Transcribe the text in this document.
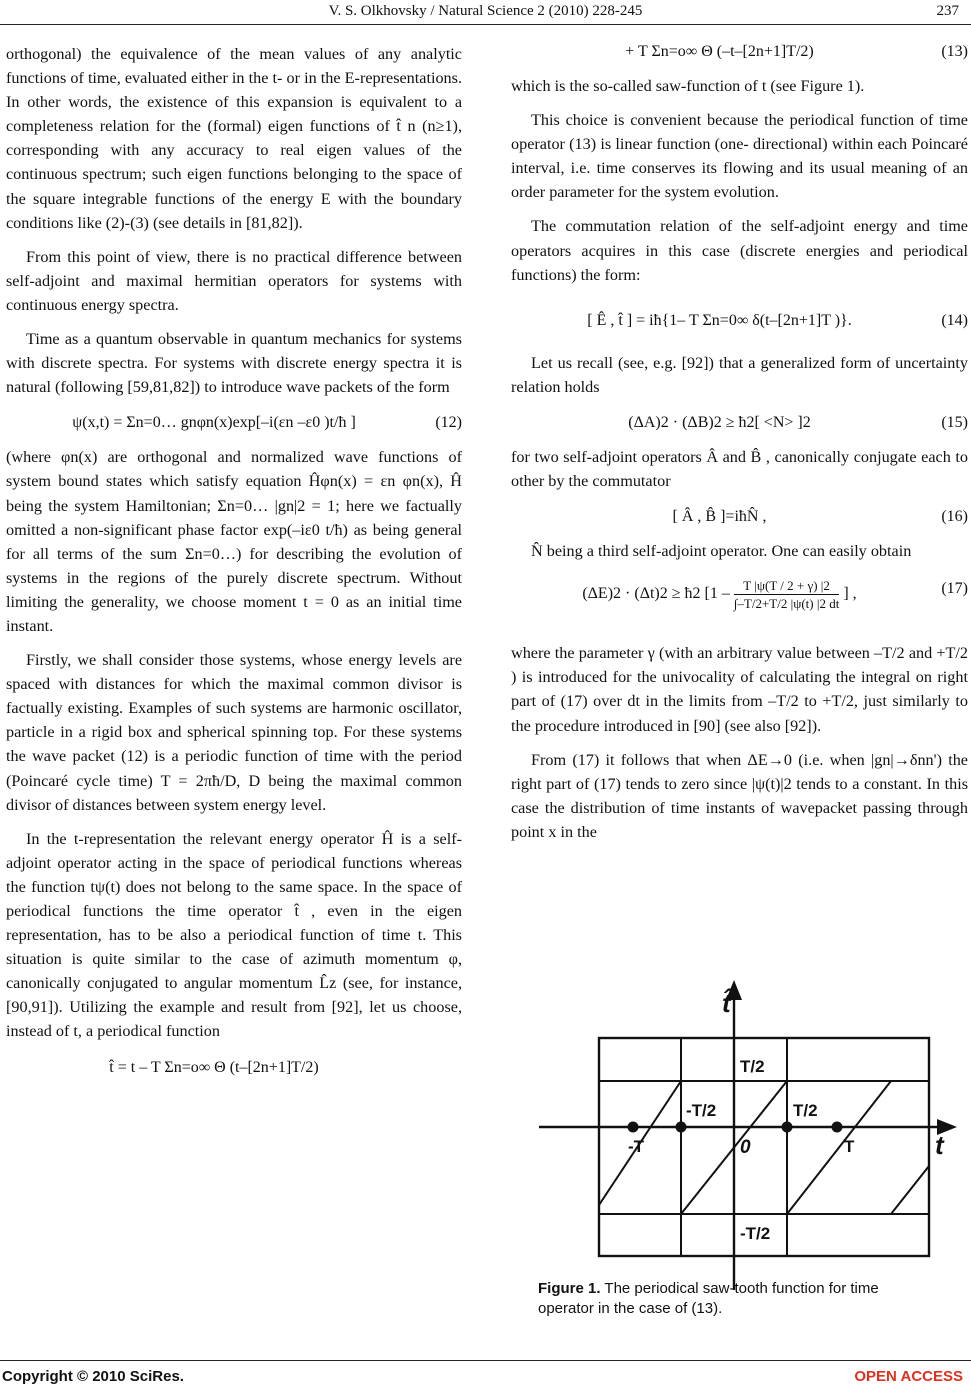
V. S. Olkhovsky / Natural Science 2 (2010) 228-245	237

orthogonal) the equivalence of the mean values of any analytic functions of time, evaluated either in the t- or in the E-representations. In other words, the existence of this expansion is equivalent to a completeness relation for the (formal) eigen functions of t̂ n (n≥1), corresponding with any accuracy to real eigen values of the continuous spectrum; such eigen functions belonging to the space of the square integrable functions of the energy E with the boundary conditions like (2)-(3) (see details in [81,82]).

From this point of view, there is no practical difference between self-adjoint and maximal hermitian operators for systems with continuous energy spectra.

Time as a quantum observable in quantum mechanics for systems with discrete spectra. For systems with discrete energy spectra it is natural (following [59,81,82]) to introduce wave packets of the form

ψ(x,t) = Σn=0… gnφn(x)exp[–i(εn –ε0 )t/ħ ]	(12)

(where φn(x) are orthogonal and normalized wave functions of system bound states which satisfy equation Ĥφn(x) = εn φn(x), Ĥ being the system Hamiltonian; Σn=0… |gn|2 = 1; here we factually omitted a non-significant phase factor exp(–iε0 t/ħ) as being general for all terms of the sum Σn=0…) for describing the evolution of systems in the regions of the purely discrete spectrum. Without limiting the generality, we choose moment t = 0 as an initial time instant.

Firstly, we shall consider those systems, whose energy levels are spaced with distances for which the maximal common divisor is factually existing. Examples of such systems are harmonic oscillator, particle in a rigid box and spherical spinning top. For these systems the wave packet (12) is a periodic function of time with the period (Poincaré cycle time) T = 2πħ/D, D being the maximal common divisor of distances between system energy level.

In the t-representation the relevant energy operator Ĥ is a self-adjoint operator acting in the space of periodical functions whereas the function tψ(t) does not belong to the same space. In the space of periodical functions the time operator t̂ , even in the eigen representation, has to be also a periodical function of time t. This situation is quite similar to the case of azimuth momentum φ, canonically conjugated to angular momentum L̂z (see, for instance, [90,91]). Utilizing the example and result from [92], let us choose, instead of t, a periodical function

t̂ = t – T Σn=o∞ Θ (t–[2n+1]T/2)
+ T Σn=o∞ Θ (–t–[2n+1]T/2)	(13)

which is the so-called saw-function of t (see Figure 1).

This choice is convenient because the periodical function of time operator (13) is linear function (one- directional) within each Poincaré interval, i.e. time conserves its flowing and its usual meaning of an order parameter for the system evolution.

The commutation relation of the self-adjoint energy and time operators acquires in this case (discrete energies and periodical functions) the form:

[ Ê , t̂ ] = iħ{1– T Σn=0∞ δ(t–[2n+1]T )}.	(14)

Let us recall (see, e.g. [92]) that a generalized form of uncertainty relation holds

(ΔA)2 · (ΔB)2 ≥ ħ2[ <N> ]2	(15)

for two self-adjoint operators Â and B̂ , canonically conjugate each to other by the commutator

[ Â , B̂ ]=iħN̂ ,	(16)

N̂ being a third self-adjoint operator. One can easily obtain

(ΔE)2 · (Δt)2 ≥ ħ2 [$1 - \frac{T |\psi(T / 2 + \gamma) |2}{\int-T/2+T/2 |\psi(t) |2 dt}$ ] ,	(17)

where the parameter γ (with an arbitrary value between –T/2 and +T/2 ) is introduced for the univocality of calculating the integral on right part of (17) over dt in the limits from –T/2 to +T/2, just similarly to the procedure introduced in [90] (see also [92]).

From (17) it follows that when ΔE→0 (i.e. when |gn|→δnn') the right part of (17) tends to zero since |ψ(t)|2 tends to a constant. In this case the distribution of time instants of wavepacket passing through point x in the

t̂
t
T/2
-T/2	T/2
-T	0	T
-T/2
Figure 1. The periodical saw-tooth function for time operator in the case of (13).
Copyright © 2010 SciRes.	OPEN ACCESS
